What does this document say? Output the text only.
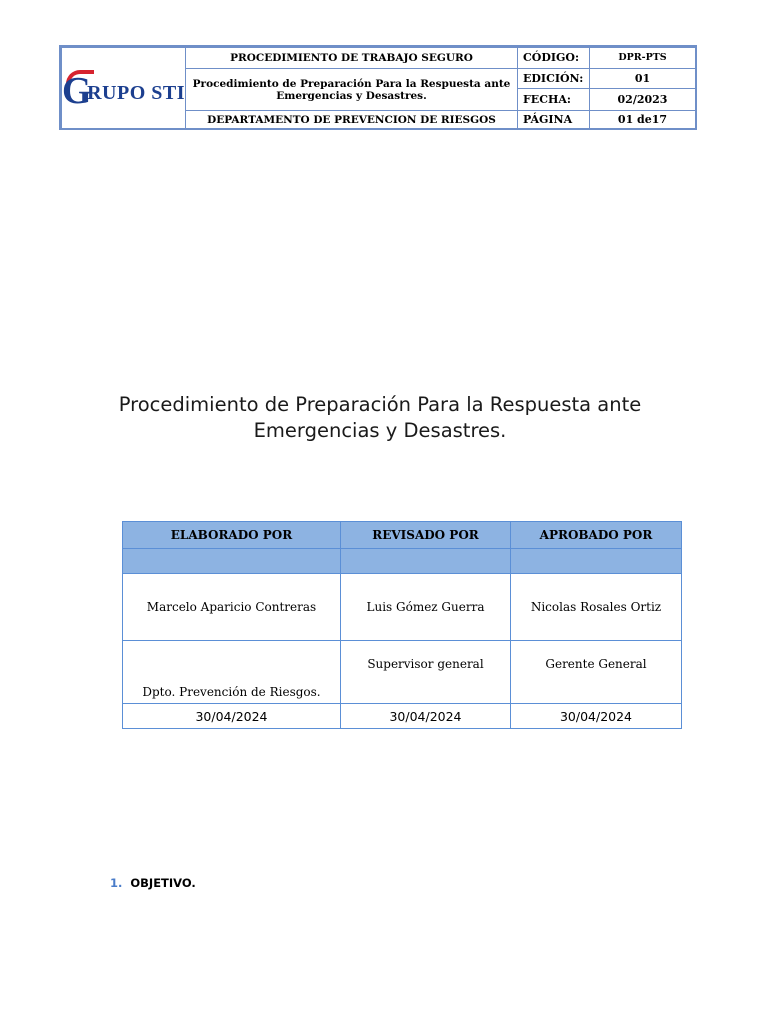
G
RUPO STI	PROCEDIMIENTO DE TRABAJO SEGURO	CÓDIGO:	DPR-PTS
	Procedimiento de Preparación Para la Respuesta ante Emergencias y Desastres.	EDICIÓN:	01
		FECHA:	02/2023
	DEPARTAMENTO DE PREVENCION DE RIESGOS	PÁGINA	01 de17
Procedimiento de Preparación Para la Respuesta ante
Emergencias y Desastres.
ELABORADO POR	REVISADO POR	APROBADO POR

Marcelo Aparicio Contreras	Luis Gómez Guerra	Nicolas Rosales Ortiz
Dpto. Prevención de Riesgos.	Supervisor general	Gerente General
30/04/2024	30/04/2024	30/04/2024
1. OBJETIVO.
